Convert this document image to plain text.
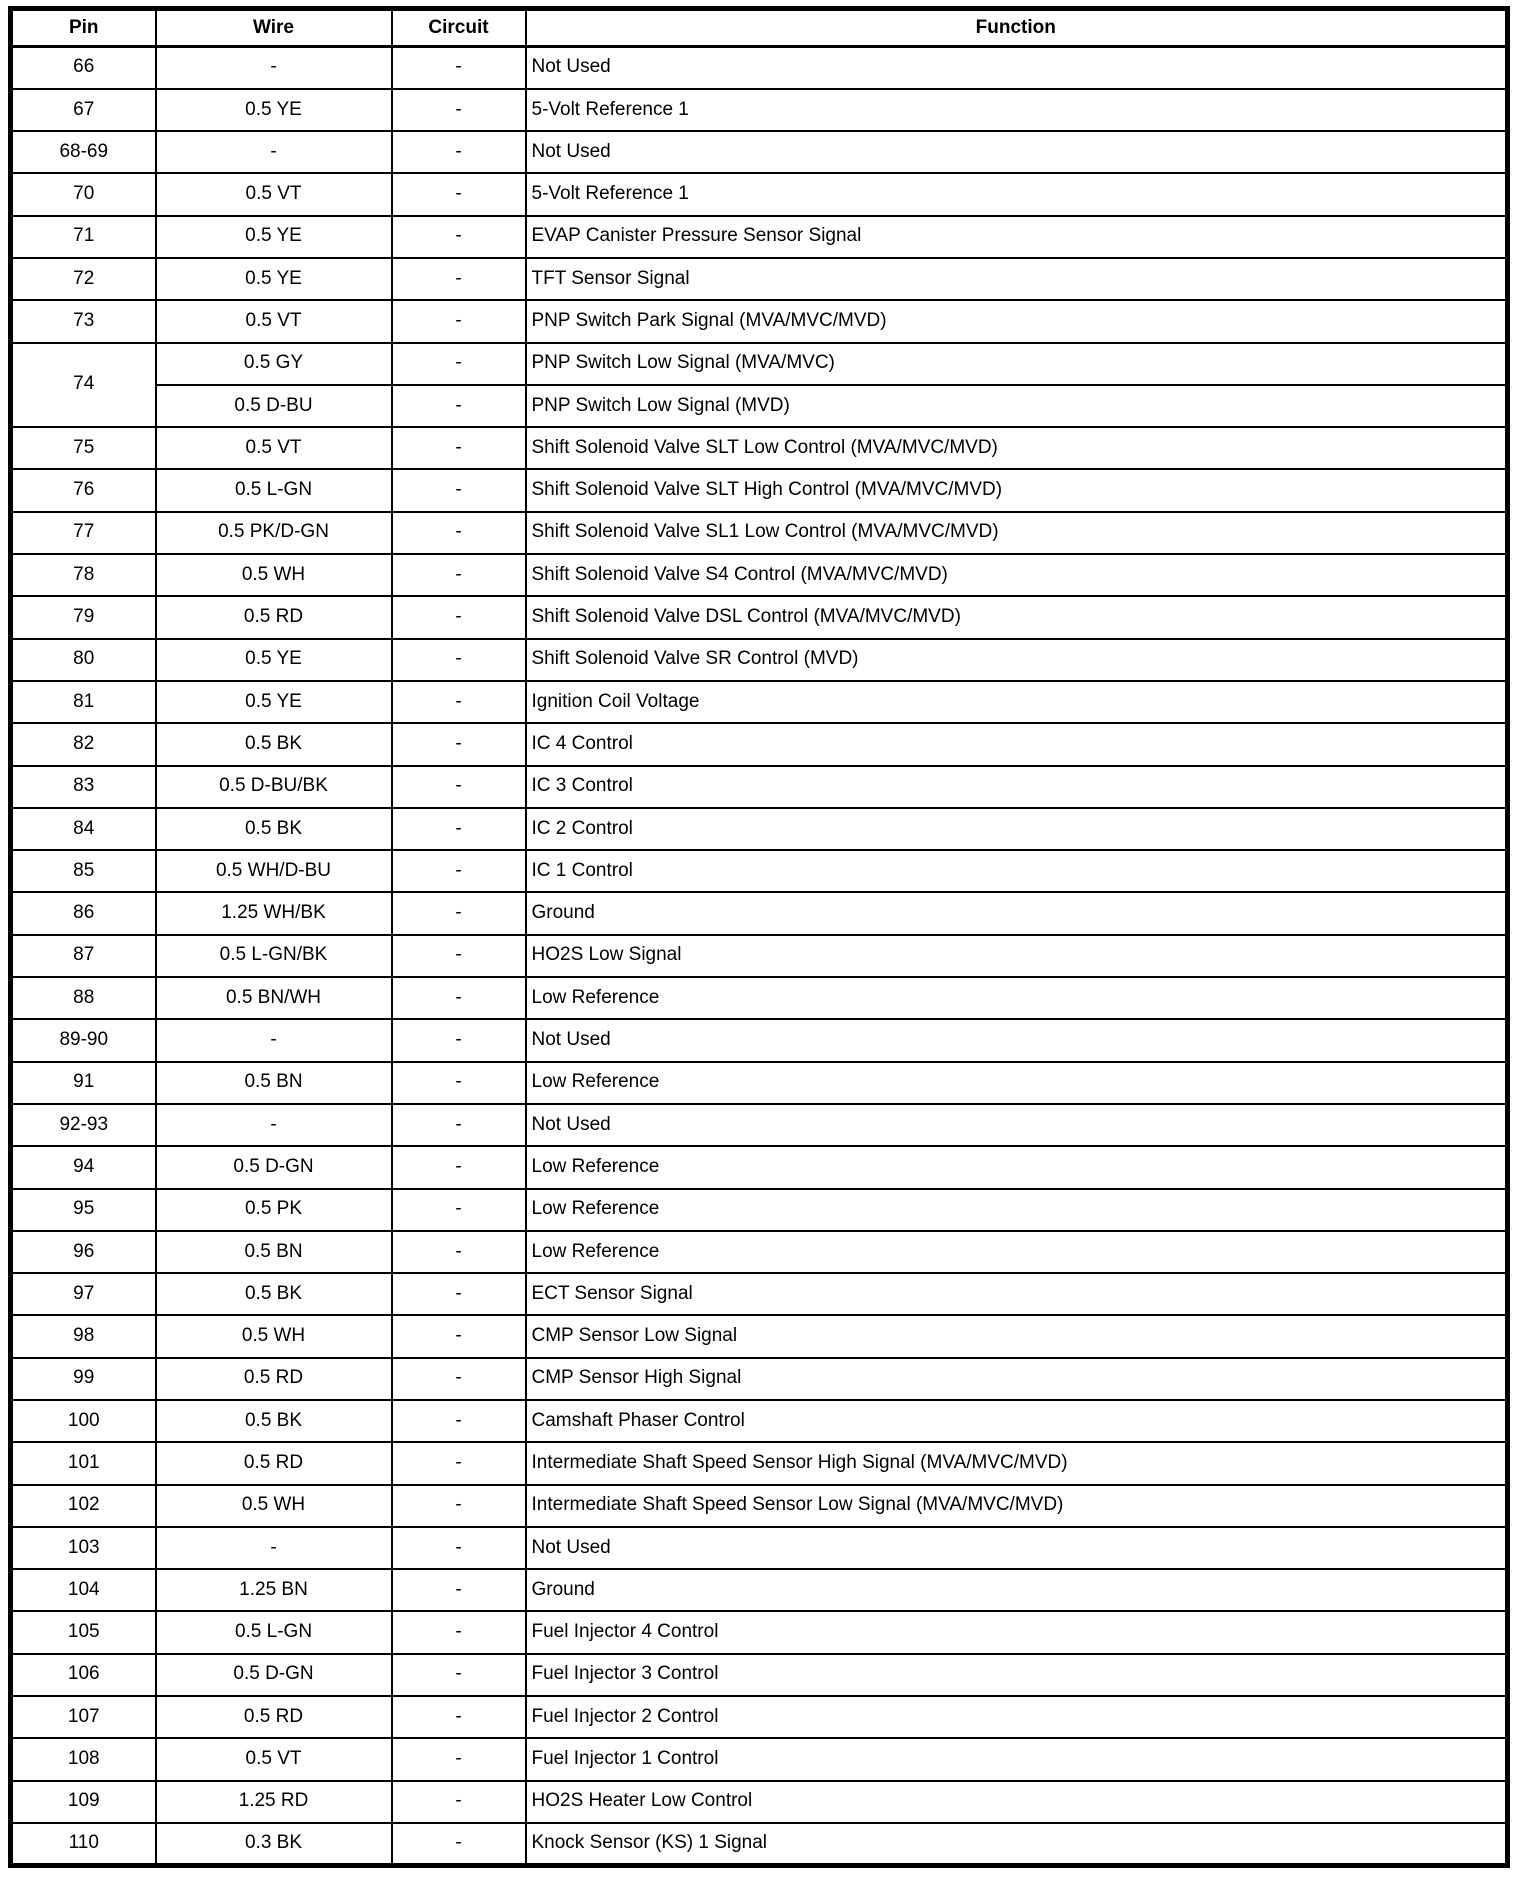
Pin	Wire	Circuit	Function
66	-	-	Not Used
67	0.5 YE	-	5-Volt Reference 1
68-69	-	-	Not Used
70	0.5 VT	-	5-Volt Reference 1
71	0.5 YE	-	EVAP Canister Pressure Sensor Signal
72	0.5 YE	-	TFT Sensor Signal
73	0.5 VT	-	PNP Switch Park Signal (MVA/MVC/MVD)
74	0.5 GY	-	PNP Switch Low Signal (MVA/MVC)
	0.5 D-BU	-	PNP Switch Low Signal (MVD)
75	0.5 VT	-	Shift Solenoid Valve SLT Low Control (MVA/MVC/MVD)
76	0.5 L-GN	-	Shift Solenoid Valve SLT High Control (MVA/MVC/MVD)
77	0.5 PK/D-GN	-	Shift Solenoid Valve SL1 Low Control (MVA/MVC/MVD)
78	0.5 WH	-	Shift Solenoid Valve S4 Control (MVA/MVC/MVD)
79	0.5 RD	-	Shift Solenoid Valve DSL Control (MVA/MVC/MVD)
80	0.5 YE	-	Shift Solenoid Valve SR Control (MVD)
81	0.5 YE	-	Ignition Coil Voltage
82	0.5 BK	-	IC 4 Control
83	0.5 D-BU/BK	-	IC 3 Control
84	0.5 BK	-	IC 2 Control
85	0.5 WH/D-BU	-	IC 1 Control
86	1.25 WH/BK	-	Ground
87	0.5 L-GN/BK	-	HO2S Low Signal
88	0.5 BN/WH	-	Low Reference
89-90	-	-	Not Used
91	0.5 BN	-	Low Reference
92-93	-	-	Not Used
94	0.5 D-GN	-	Low Reference
95	0.5 PK	-	Low Reference
96	0.5 BN	-	Low Reference
97	0.5 BK	-	ECT Sensor Signal
98	0.5 WH	-	CMP Sensor Low Signal
99	0.5 RD	-	CMP Sensor High Signal
100	0.5 BK	-	Camshaft Phaser Control
101	0.5 RD	-	Intermediate Shaft Speed Sensor High Signal (MVA/MVC/MVD)
102	0.5 WH	-	Intermediate Shaft Speed Sensor Low Signal (MVA/MVC/MVD)
103	-	-	Not Used
104	1.25 BN	-	Ground
105	0.5 L-GN	-	Fuel Injector 4 Control
106	0.5 D-GN	-	Fuel Injector 3 Control
107	0.5 RD	-	Fuel Injector 2 Control
108	0.5 VT	-	Fuel Injector 1 Control
109	1.25 RD	-	HO2S Heater Low Control
110	0.3 BK	-	Knock Sensor (KS) 1 Signal
